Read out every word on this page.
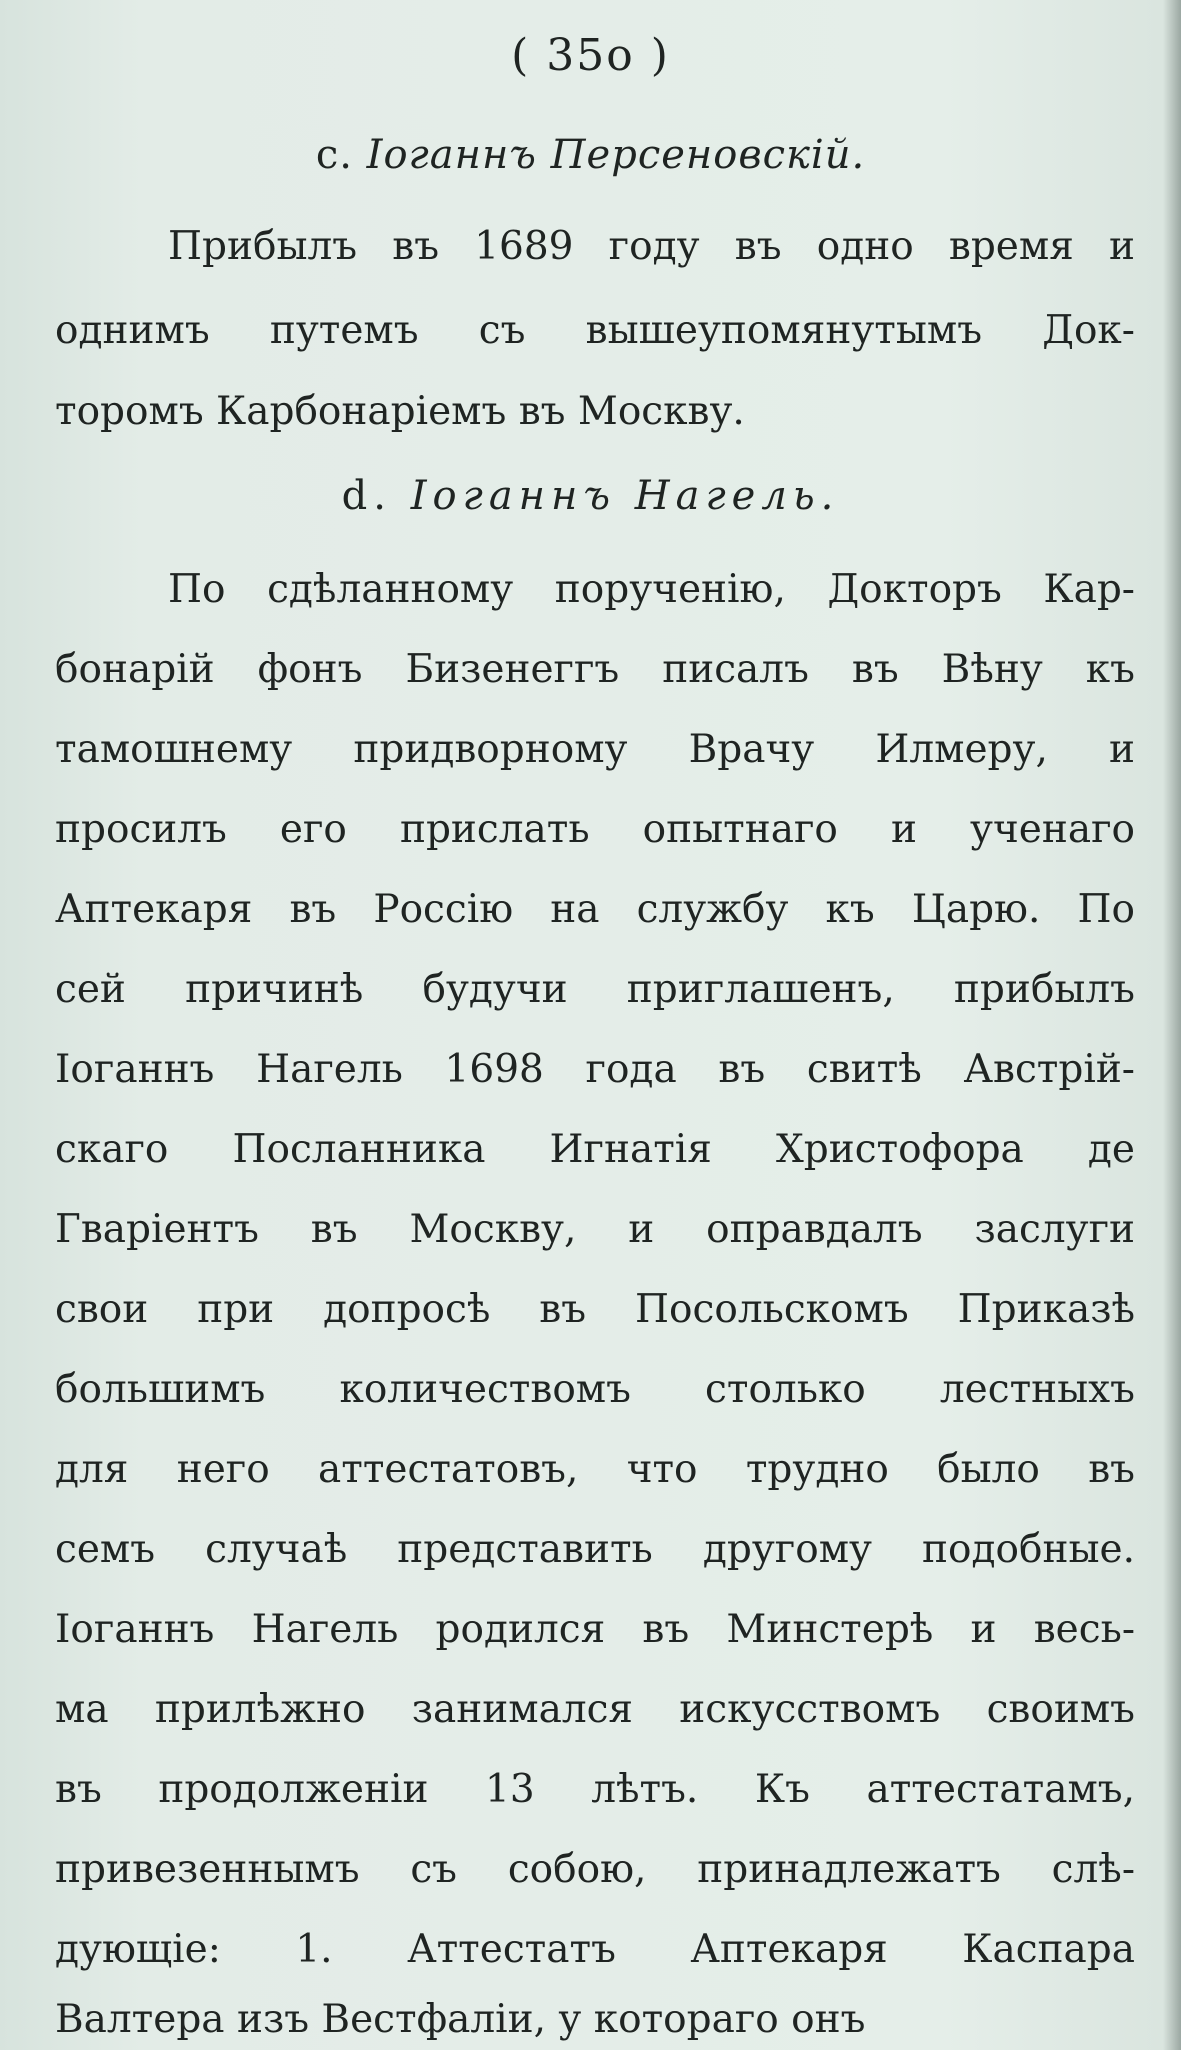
( 35o )
c. Іоганнъ Персеновскій.
Прибылъ въ 1689 году въ одно время и
однимъ путемъ съ вышеупомянутымъ Док-
торомъ Карбонаріемъ въ Москву.
d. Іоганнъ Нагель.
По сдѣланному порученію, Докторъ Кар-
бонарій фонъ Бизенеггъ писалъ въ Вѣну къ
тамошнему придворному Врачу Илмеру, и
просилъ его прислать опытнаго и ученаго
Аптекаря въ Россію на службу къ Царю. По
сей причинѣ будучи приглашенъ, прибылъ
Іоганнъ Нагель 1698 года въ свитѣ Австрій-
скаго Посланника Игнатія Христофора де
Гваріентъ въ Москву, и оправдалъ заслуги
свои при допросѣ въ Посольскомъ Приказѣ
большимъ количествомъ столько лестныхъ
для него аттестатовъ, что трудно было въ
семъ случаѣ представить другому подобные.
Іоганнъ Нагель родился въ Минстерѣ и весь-
ма прилѣжно занимался искусствомъ своимъ
въ продолженіи 13 лѣтъ. Къ аттестатамъ,
привезеннымъ съ собою, принадлежатъ слѣ-
дующіе: 1. Аттестатъ Аптекаря Каспара
Валтера изъ Вестфаліи, у котораго онъ
